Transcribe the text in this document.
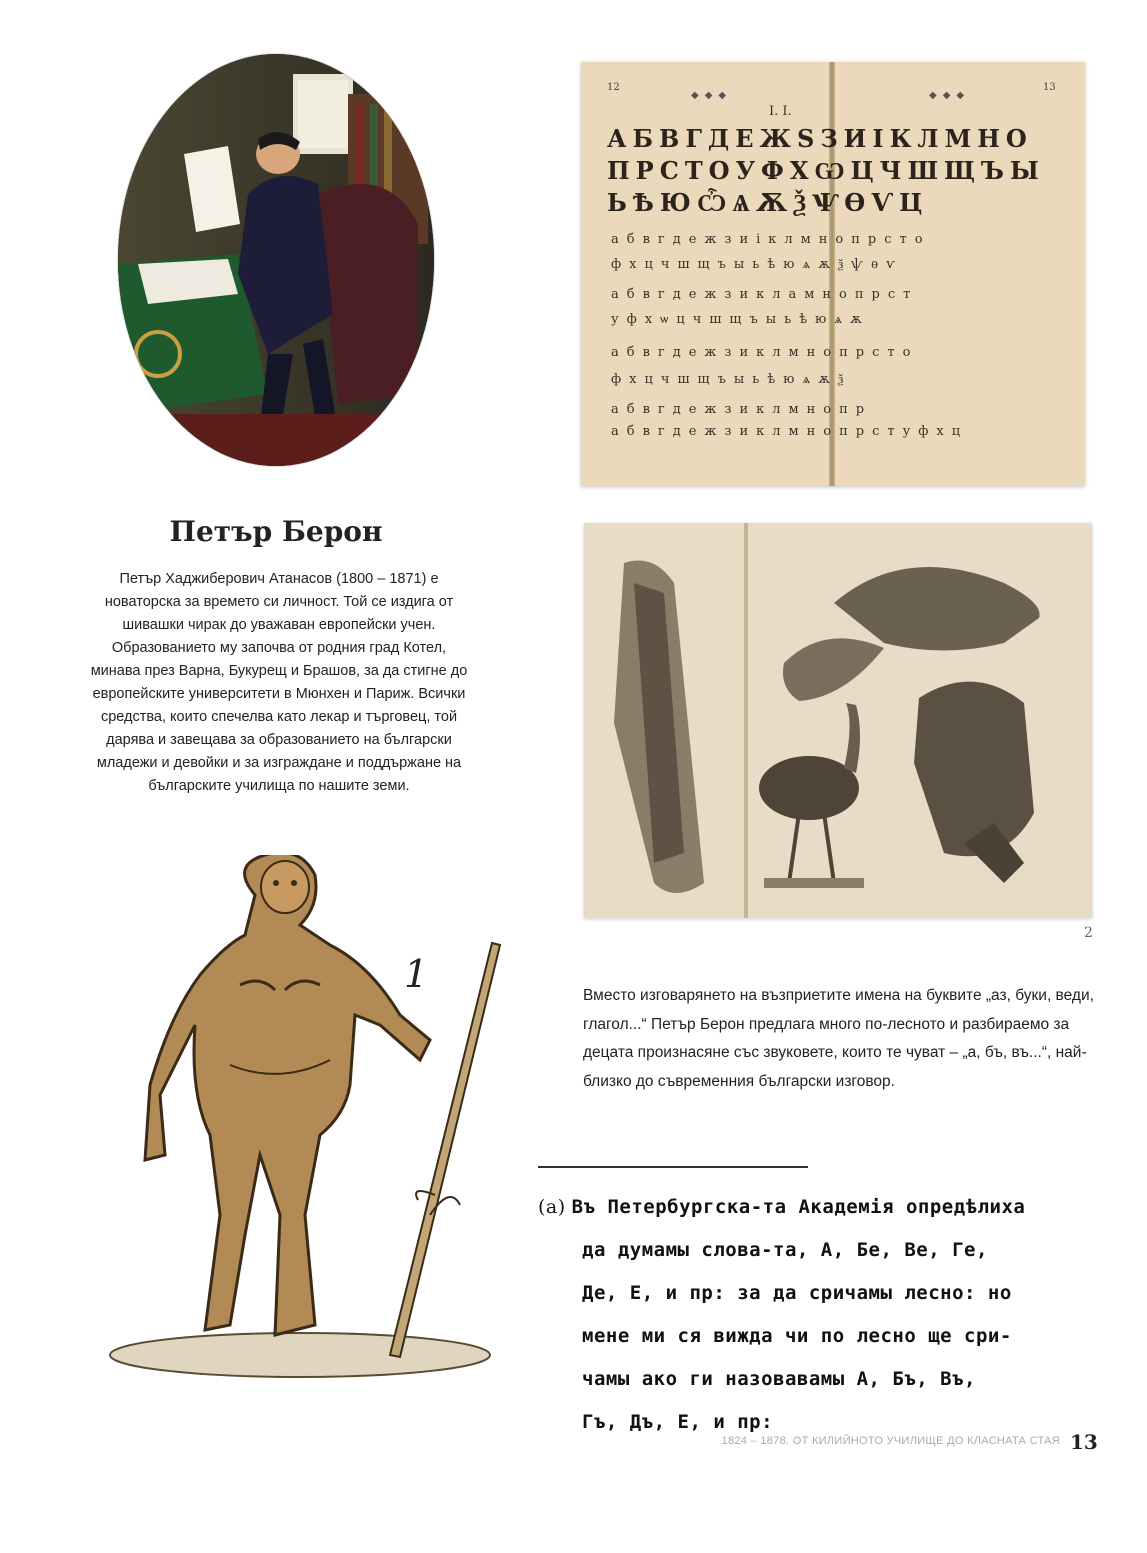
12	13
◆◆◆	◆◆◆
I. I.
АБВГДЕЖЅЗИІКЛМНО
ПРСТОУФХѠЦЧШЩЪЫ
ЬѢЮѼѦѪѮѰѲѴЦ
абвгдежзиіклмнопрсто
фхцчшщъыьѣюѧѫѯѱѳѵ
абвгдежзикламнопрст
уфхѡцчшщъыьѣюѧѫ
абвгдежзиклмнопрсто
фхцчшщъыьѣюѧѫѯ
абвгдежзиклмнопр
абвгдежзиклмнопрстуфхц
Петър Берон

Петър Хаджиберович Атанасов (1800 – 1871) е новаторска за времето си личност. Той се издига от шивашки чирак до уважаван европейски учен. Образованието му започва от родния град Котел, минава през Варна, Букурещ и Брашов, за да стигне до европейските университети в Мюнхен и Париж. Всички средства, които спечелва като лекар и търговец, той дарява и завещава за образованието на български младежи и девойки и за изграждане и поддържане на българските училища по нашите земи.

2
1	Вместо изговарянето на възприетите имена на буквите „аз, буки, веди, глагол...“ Петър Берон предлага много по-лесното и разбираемо за децата произнасяне със звуковете, които те чуват – „а, бъ, въ...“, най-близко до съвременния български изговор.

(а) Въ Петербургска-та Академія опредѣлиха
да думамы слова-та, А, Бе, Ве, Ге,
Де, Е, и пр: за да сричамы лесно: но
мене ми ся вижда чи по лесно ще сри-
чамы ако ги назовавамы А, Бъ, Въ,
Гъ, Дъ, Е, и пр:
1824 – 1878. ОТ КИЛИЙНОТО УЧИЛИЩЕ ДО КЛАСНАТА СТАЯ 13
